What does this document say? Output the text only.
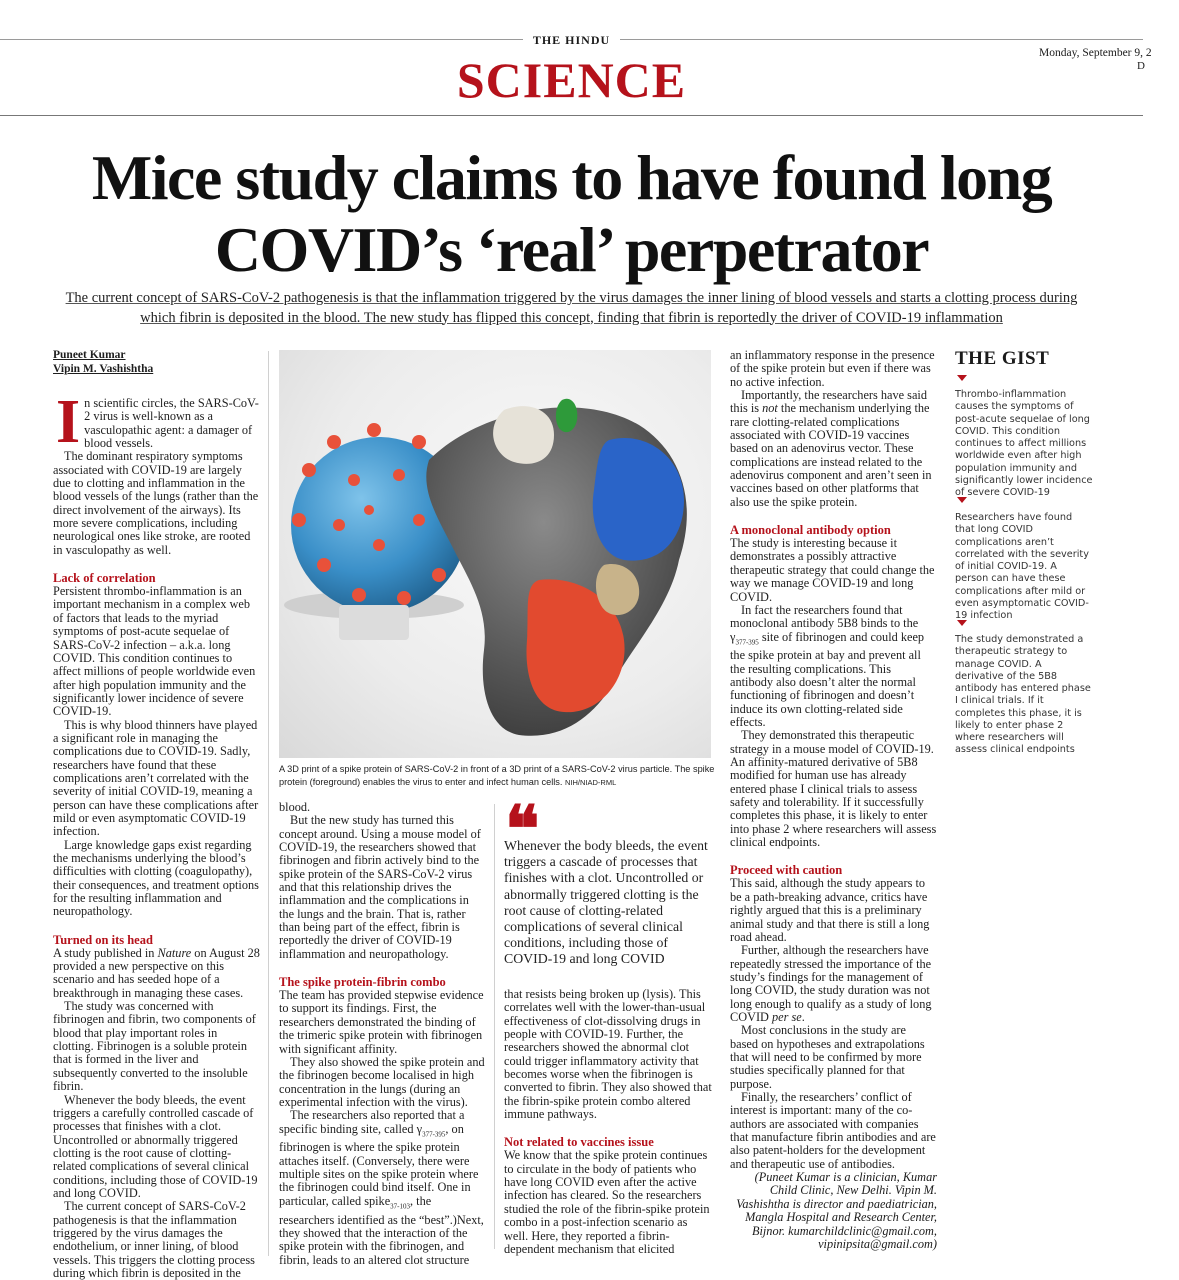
THE HINDU
SCIENCE	Monday, September 9, 2
D
Mice study claims to have found long
COVID’s ‘real’ perpetrator
The current concept of SARS-CoV-2 pathogenesis is that the inflammation triggered by the virus damages the inner lining of blood vessels and starts a clotting process during
which fibrin is deposited in the blood. The new study has flipped this concept, finding that fibrin is reportedly the driver of COVID-19 inflammation
Puneet Kumar
Vipin M. Vashishtha

In scientific circles, the SARS-CoV-2 virus is well-known as a vasculopathic agent: a damager of blood vessels.

The dominant respiratory symptoms associated with COVID-19 are largely due to clotting and inflammation in the blood vessels of the lungs (rather than the direct involvement of the airways). Its more severe complications, including neurological ones like stroke, are rooted in vasculopathy as well.

Lack of correlation

Persistent thrombo-inflammation is an important mechanism in a complex web of factors that leads to the myriad symptoms of post-acute sequelae of SARS-CoV-2 infection – a.k.a. long COVID. This condition continues to affect millions of people worldwide even after high population immunity and the significantly lower incidence of severe COVID-19.

This is why blood thinners have played a significant role in managing the complications due to COVID-19. Sadly, researchers have found that these complications aren’t correlated with the severity of initial COVID-19, meaning a person can have these complications after mild or even asymptomatic COVID-19 infection.

Large knowledge gaps exist regarding the mechanisms underlying the blood’s difficulties with clotting (coagulopathy), their consequences, and treatment options for the resulting inflammation and neuropathology.

Turned on its head

A study published in Nature on August 28 provided a new perspective on this scenario and has seeded hope of a breakthrough in managing these cases.

The study was concerned with fibrinogen and fibrin, two components of blood that play important roles in clotting. Fibrinogen is a soluble protein that is formed in the liver and subsequently converted to the insoluble fibrin.

Whenever the body bleeds, the event triggers a carefully controlled cascade of processes that finishes with a clot. Uncontrolled or abnormally triggered clotting is the root cause of clotting-related complications of several clinical conditions, including those of COVID-19 and long COVID.

The current concept of SARS-CoV-2 pathogenesis is that the inflammation triggered by the virus damages the endothelium, or inner lining, of blood vessels. This triggers the clotting process during which fibrin is deposited in the

A 3D print of a spike protein of SARS-CoV-2 in front of a 3D print of a SARS-CoV-2 virus particle. The spike protein (foreground) enables the virus to enter and infect human cells. NIH/NIAD-RML

blood.

But the new study has turned this concept around. Using a mouse model of COVID-19, the researchers showed that fibrinogen and fibrin actively bind to the spike protein of the SARS-CoV-2 virus and that this relationship drives the inflammation and the complications in the lungs and the brain. That is, rather than being part of the effect, fibrin is reportedly the driver of COVID-19 inflammation and neuropathology.

The spike protein-fibrin combo

The team has provided stepwise evidence to support its findings. First, the researchers demonstrated the binding of the trimeric spike protein with fibrinogen with significant affinity.

They also showed the spike protein and the fibrinogen become localised in high concentration in the lungs (during an experimental infection with the virus).

The researchers also reported that a specific binding site, called $\gamma_{377-395}$, on fibrinogen is where the spike protein attaches itself. (Conversely, there were multiple sites on the spike protein where the fibrinogen could bind itself. One in particular, called spike$_{37-103}$, the researchers identified as the “best”.)Next, they showed that the interaction of the spike protein with the fibrinogen, and fibrin, leads to an altered clot structure

❝
Whenever the body bleeds, the event triggers a cascade of processes that finishes with a clot. Uncontrolled or abnormally triggered clotting is the root cause of clotting-related complications of several clinical conditions, including those of COVID-19 and long COVID

that resists being broken up (lysis). This correlates well with the lower-than-usual effectiveness of clot-dissolving drugs in people with COVID-19. Further, the researchers showed the abnormal clot could trigger inflammatory activity that becomes worse when the fibrinogen is converted to fibrin. They also showed that the fibrin-spike protein combo altered immune pathways.

Not related to vaccines issue

We know that the spike protein continues to circulate in the body of patients who have long COVID even after the active infection has cleared. So the researchers studied the role of the fibrin-spike protein combo in a post-infection scenario as well. Here, they reported a fibrin-dependent mechanism that elicited

an inflammatory response in the presence of the spike protein but even if there was no active infection.

Importantly, the researchers have said this is not the mechanism underlying the rare clotting-related complications associated with COVID-19 vaccines based on an adenovirus vector. These complications are instead related to the adenovirus component and aren’t seen in vaccines based on other platforms that also use the spike protein.

A monoclonal antibody option

The study is interesting because it demonstrates a possibly attractive therapeutic strategy that could change the way we manage COVID-19 and long COVID.

In fact the researchers found that monoclonal antibody 5B8 binds to the $\gamma_{377-395}$ site of fibrinogen and could keep the spike protein at bay and prevent all the resulting complications. This antibody also doesn’t alter the normal functioning of fibrinogen and doesn’t induce its own clotting-related side effects.

They demonstrated this therapeutic strategy in a mouse model of COVID-19. An affinity-matured derivative of 5B8 modified for human use has already entered phase I clinical trials to assess safety and tolerability. If it successfully completes this phase, it is likely to enter into phase 2 where researchers will assess clinical endpoints.

Proceed with caution

This said, although the study appears to be a path-breaking advance, critics have rightly argued that this is a preliminary animal study and that there is still a long road ahead.

Further, although the researchers have repeatedly stressed the importance of the study’s findings for the management of long COVID, the study duration was not long enough to qualify as a study of long COVID per se.

Most conclusions in the study are based on hypotheses and extrapolations that will need to be confirmed by more studies specifically planned for that purpose.

Finally, the researchers’ conflict of interest is important: many of the co-authors are associated with companies that manufacture fibrin antibodies and are also patent-holders for the development and therapeutic use of antibodies.

(Puneet Kumar is a clinician, Kumar Child Clinic, New Delhi. Vipin M. Vashishtha is director and paediatrician, Mangla Hospital and Research Center, Bijnor. kumarchildclinic@gmail.com, vipinipsita@gmail.com)
THE GIST
Thrombo-inflammation causes the symptoms of post-acute sequelae of long COVID. This condition continues to affect millions worldwide even after high population immunity and significantly lower incidence of severe COVID-19
Researchers have found that long COVID complications aren’t correlated with the severity of initial COVID-19. A person can have these complications after mild or even asymptomatic COVID-19 infection
The study demonstrated a therapeutic strategy to manage COVID. A derivative of the 5B8 antibody has entered phase I clinical trials. If it completes this phase, it is likely to enter phase 2 where researchers will assess clinical endpoints
